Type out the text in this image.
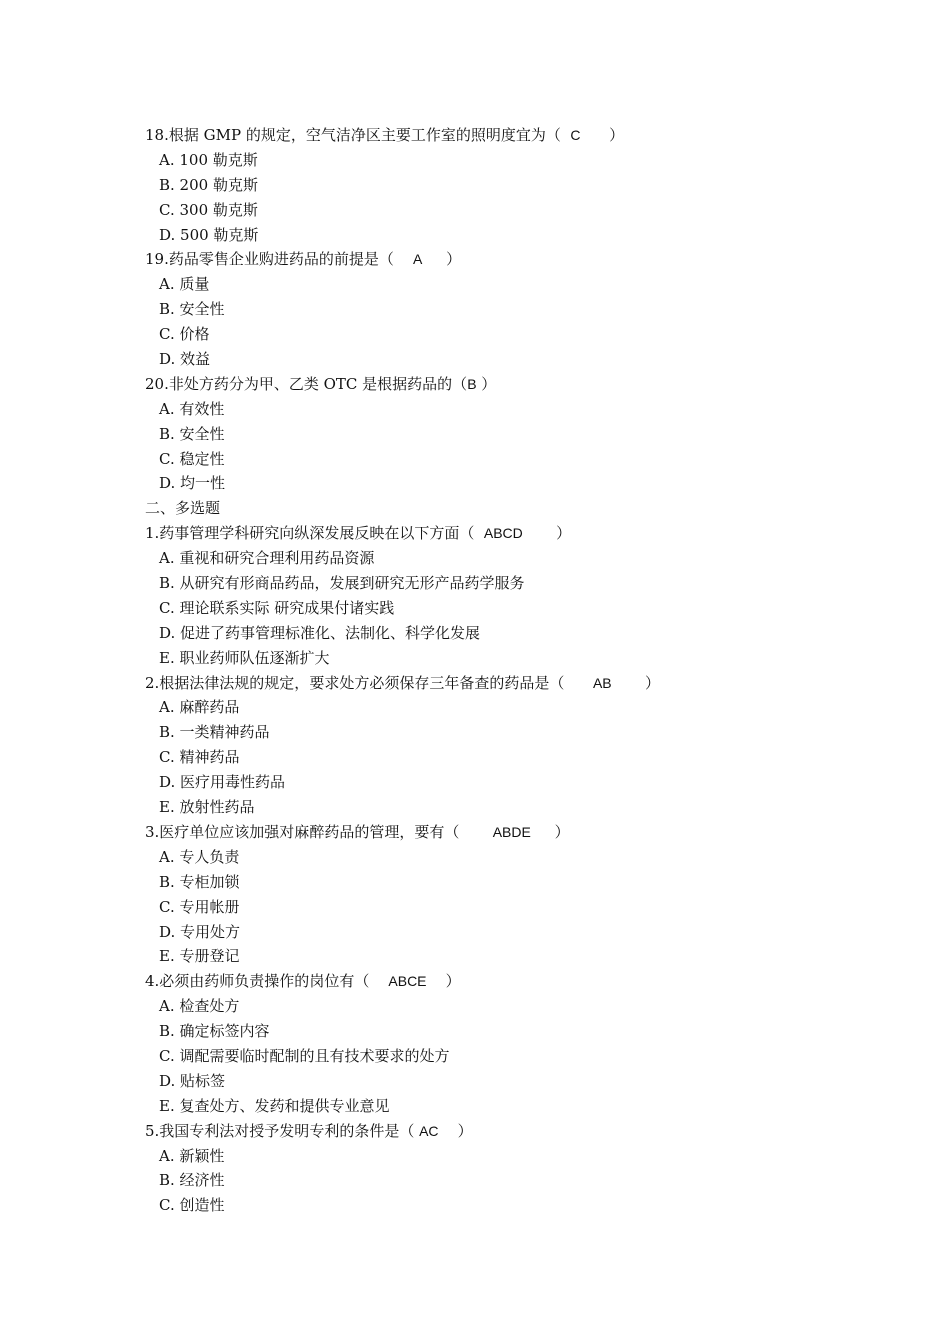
18.根据 GMP 的规定，空气洁净区主要工作室的照明度宜为（  C      ）
A. 100 勒克斯
B. 200 勒克斯
C. 300 勒克斯
D. 500 勒克斯
19.药品零售企业购进药品的前提是（    A     ）
A. 质量
B. 安全性
C. 价格
D. 效益
20.非处方药分为甲、乙类 OTC 是根据药品的（B ）
A. 有效性
B. 安全性
C. 稳定性
D. 均一性
二、多选题
1.药事管理学科研究向纵深发展反映在以下方面（  ABCD       ）
A. 重视和研究合理利用药品资源
B. 从研究有形商品药品，发展到研究无形产品药学服务
C. 理论联系实际 研究成果付诸实践
D. 促进了药事管理标准化、法制化、科学化发展
E. 职业药师队伍逐渐扩大
2.根据法律法规的规定，要求处方必须保存三年备查的药品是（      AB       ）
A. 麻醉药品
B. 一类精神药品
C. 精神药品
D. 医疗用毒性药品
E. 放射性药品
3.医疗单位应该加强对麻醉药品的管理，要有（       ABDE     ）
A. 专人负责
B. 专柜加锁
C. 专用帐册
D. 专用处方
E. 专册登记
4.必须由药师负责操作的岗位有（    ABCE    ）
A. 检查处方
B. 确定标签内容
C. 调配需要临时配制的且有技术要求的处方
D. 贴标签
E. 复查处方、发药和提供专业意见
5.我国专利法对授予发明专利的条件是（ AC    ）
A. 新颖性
B. 经济性
C. 创造性
